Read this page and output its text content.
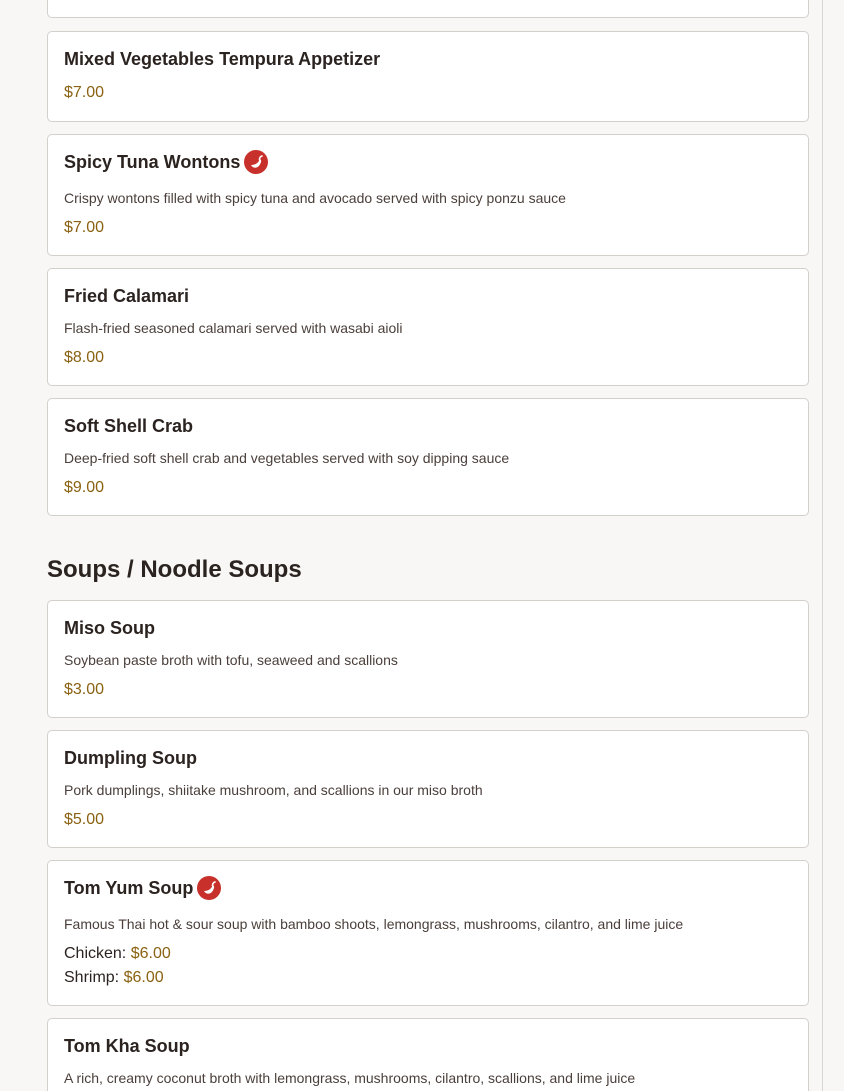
Mixed Vegetables Tempura Appetizer
$7.00
Spicy Tuna Wontons
Crispy wontons filled with spicy tuna and avocado served with spicy ponzu sauce
$7.00
Fried Calamari
Flash-fried seasoned calamari served with wasabi aioli
$8.00
Soft Shell Crab
Deep-fried soft shell crab and vegetables served with soy dipping sauce
$9.00
Soups / Noodle Soups
Miso Soup
Soybean paste broth with tofu, seaweed and scallions
$3.00
Dumpling Soup
Pork dumplings, shiitake mushroom, and scallions in our miso broth
$5.00
Tom Yum Soup
Famous Thai hot & sour soup with bamboo shoots, lemongrass, mushrooms, cilantro, and lime juice
Chicken: $6.00
Shrimp: $6.00
Tom Kha Soup
A rich, creamy coconut broth with lemongrass, mushrooms, cilantro, scallions, and lime juice
